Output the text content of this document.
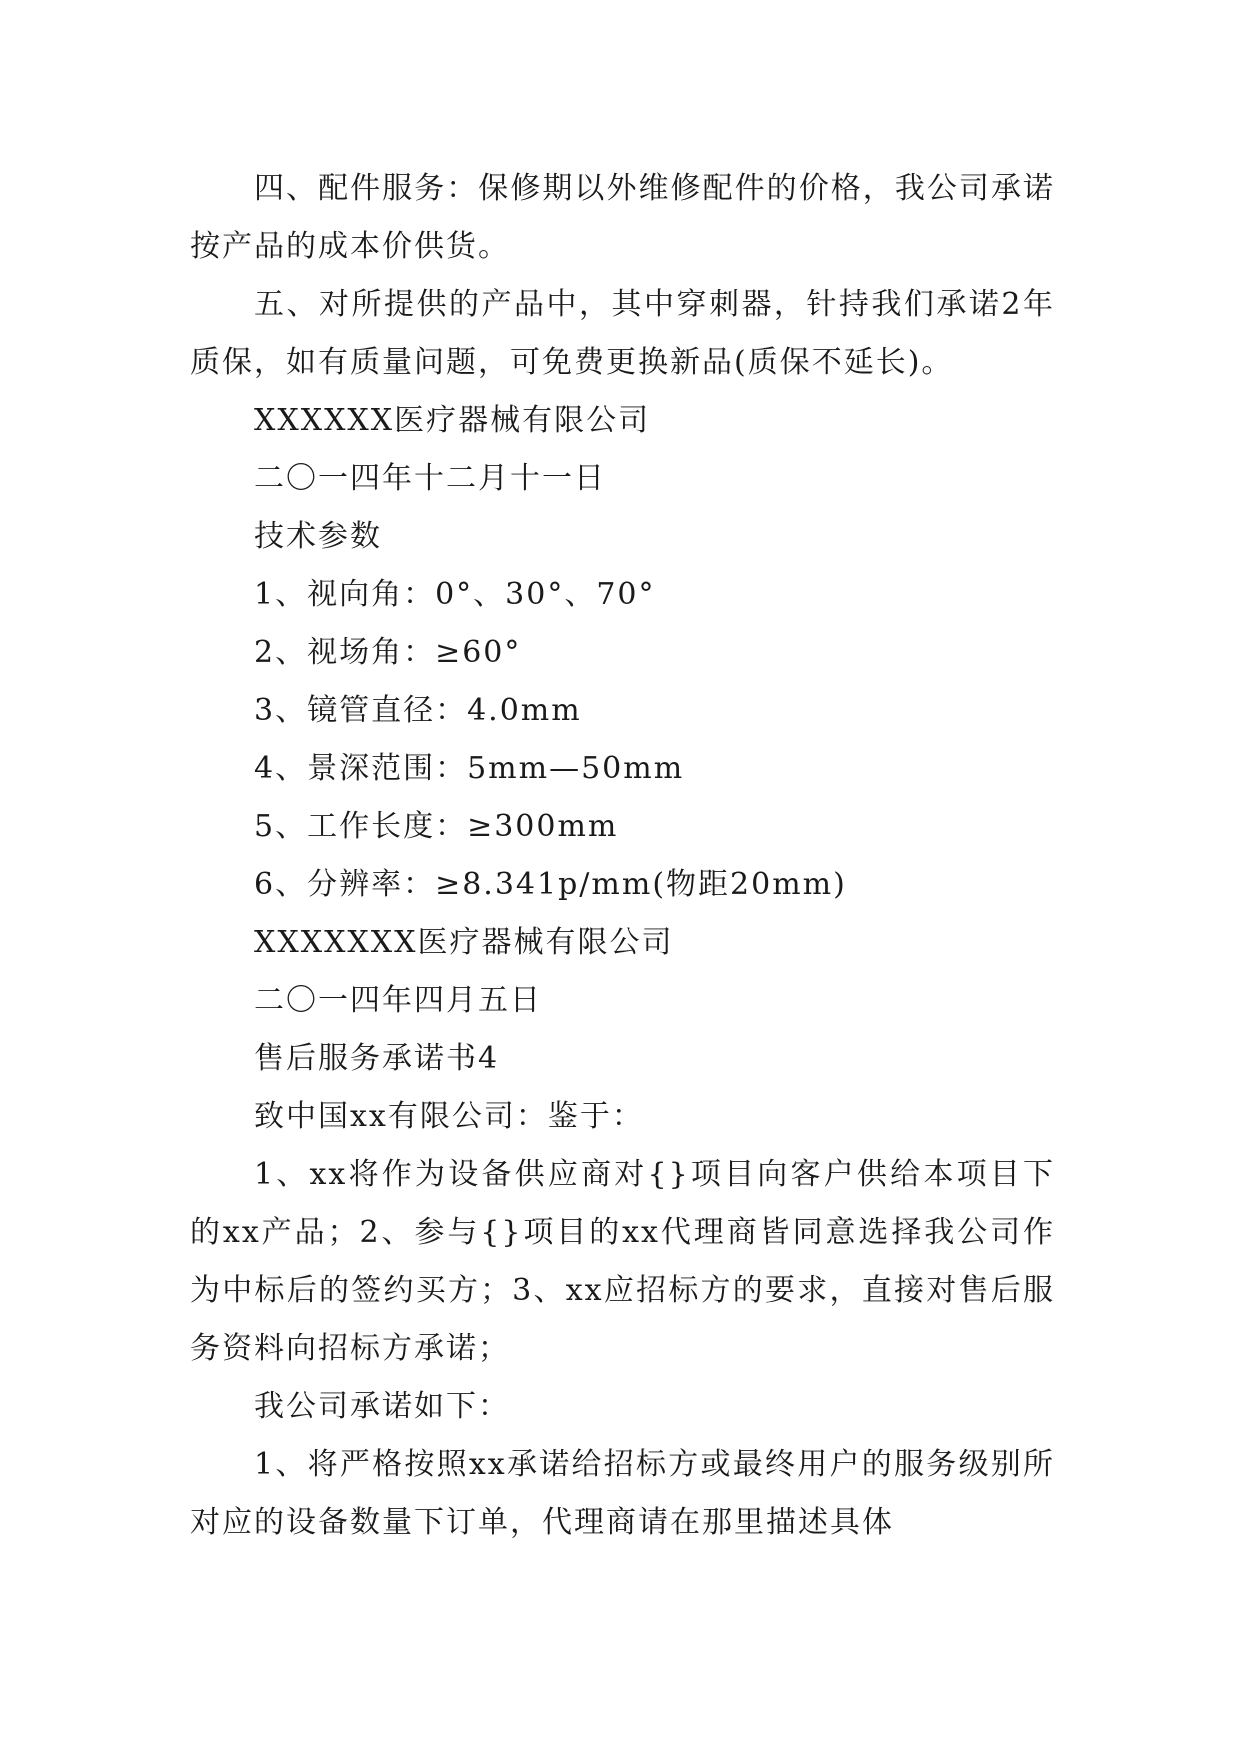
四、配件服务：保修期以外维修配件的价格，我公司承诺按产品的成本价供货。

五、对所提供的产品中，其中穿刺器，针持我们承诺2年质保，如有质量问题，可免费更换新品(质保不延长)。

XXXXXX医疗器械有限公司

二〇一四年十二月十一日

技术参数

1、视向角：0°、30°、70°

2、视场角：≥60°

3、镜管直径：4.0mm

4、景深范围：5mm—50mm

5、工作长度：≥300mm

6、分辨率：≥8.341p/mm(物距20mm)

XXXXXXX医疗器械有限公司

二〇一四年四月五日

售后服务承诺书4

致中国xx有限公司：鉴于：

1、xx将作为设备供应商对{}项目向客户供给本项目下的xx产品；2、参与{}项目的xx代理商皆同意选择我公司作为中标后的签约买方；3、xx应招标方的要求，直接对售后服务资料向招标方承诺；

我公司承诺如下：

1、将严格按照xx承诺给招标方或最终用户的服务级别所对应的设备数量下订单，代理商请在那里描述具体
